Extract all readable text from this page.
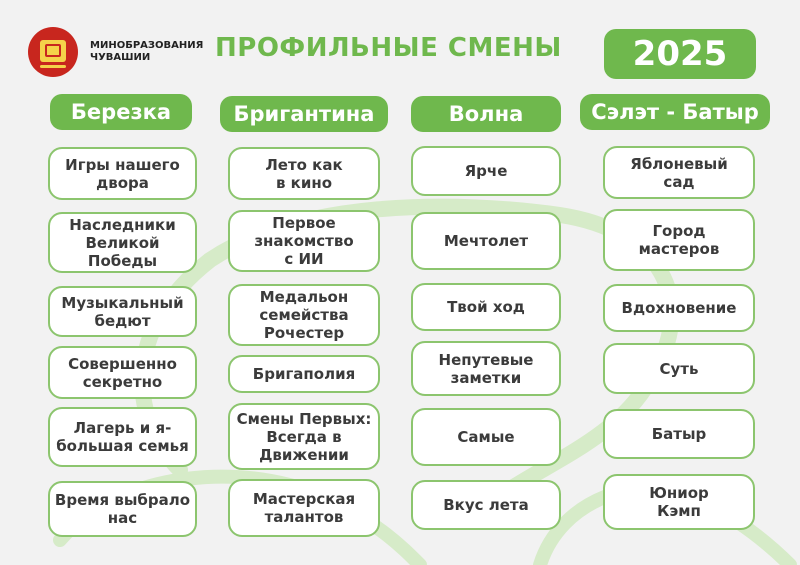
МИНОБРАЗОВАНИЯ
ЧУВАШИИ	ПРОФИЛЬНЫЕ СМЕНЫ	2025
Березка	Бригантина	Волна	Сэлэт - Батыр
Игры нашего
двора
Наследники
Великой
Победы
Музыкальный
бедют
Совершенно
секретно
Лагерь и я-
большая семья
Время выбрало
нас
Лето как
в кино
Первое
знакомство
с ИИ
Медальон
семейства
Рочестер
Бригаполия
Смены Первых:
Всегда в
Движении
Мастерская
талантов
Ярче
Мечтолет
Твой ход
Непутевые
заметки
Самые
Вкус лета
Яблоневый
сад
Город
мастеров
Вдохновение
Суть
Батыр
Юниор
Кэмп
